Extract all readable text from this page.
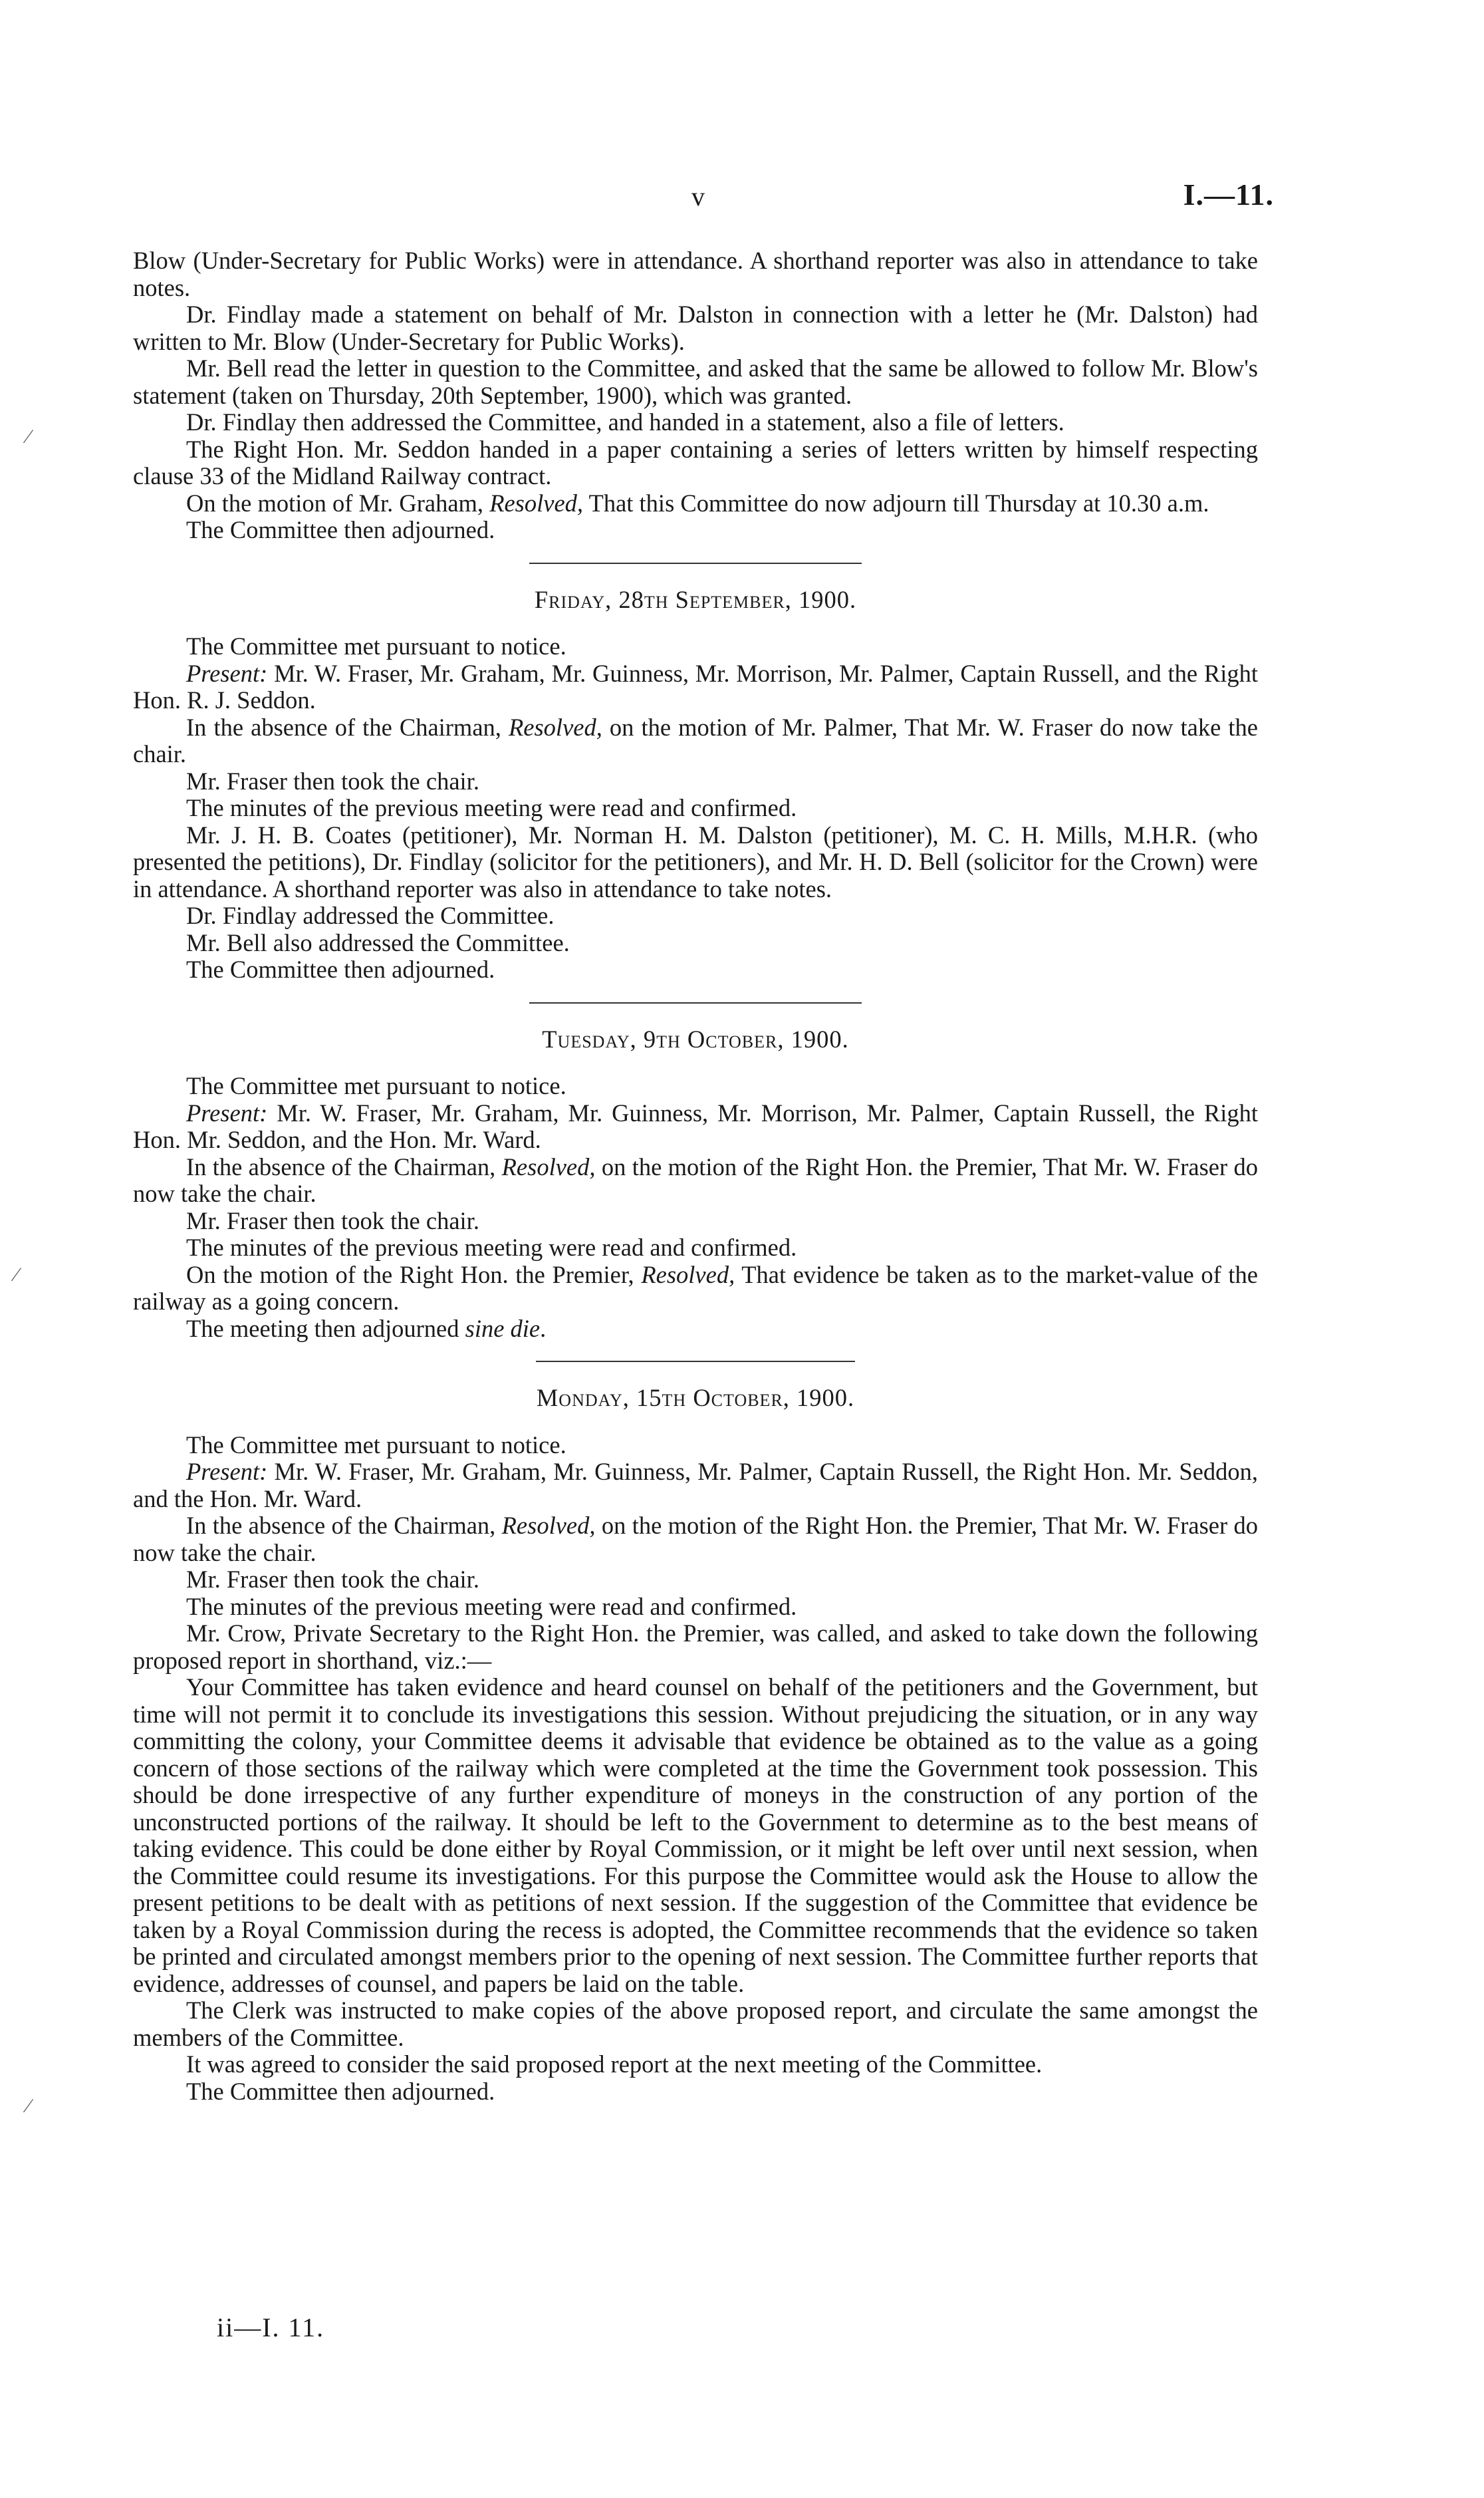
v	I.—11.

Blow (Under-Secretary for Public Works) were in attendance. A shorthand reporter was also in attendance to take notes.

Dr. Findlay made a statement on behalf of Mr. Dalston in connection with a letter he (Mr. Dalston) had written to Mr. Blow (Under-Secretary for Public Works).

Mr. Bell read the letter in question to the Committee, and asked that the same be allowed to follow Mr. Blow's statement (taken on Thursday, 20th September, 1900), which was granted.

Dr. Findlay then addressed the Committee, and handed in a statement, also a file of letters.

The Right Hon. Mr. Seddon handed in a paper containing a series of letters written by himself respecting clause 33 of the Midland Railway contract.

On the motion of Mr. Graham, Resolved, That this Committee do now adjourn till Thursday at 10.30 a.m.

The Committee then adjourned.

Friday, 28th September, 1900.

The Committee met pursuant to notice.

Present: Mr. W. Fraser, Mr. Graham, Mr. Guinness, Mr. Morrison, Mr. Palmer, Captain Russell, and the Right Hon. R. J. Seddon.

In the absence of the Chairman, Resolved, on the motion of Mr. Palmer, That Mr. W. Fraser do now take the chair.

Mr. Fraser then took the chair.

The minutes of the previous meeting were read and confirmed.

Mr. J. H. B. Coates (petitioner), Mr. Norman H. M. Dalston (petitioner), M. C. H. Mills, M.H.R. (who presented the petitions), Dr. Findlay (solicitor for the petitioners), and Mr. H. D. Bell (solicitor for the Crown) were in attendance. A shorthand reporter was also in attendance to take notes.

Dr. Findlay addressed the Committee.

Mr. Bell also addressed the Committee.

The Committee then adjourned.

Tuesday, 9th October, 1900.

The Committee met pursuant to notice.

Present: Mr. W. Fraser, Mr. Graham, Mr. Guinness, Mr. Morrison, Mr. Palmer, Captain Russell, the Right Hon. Mr. Seddon, and the Hon. Mr. Ward.

In the absence of the Chairman, Resolved, on the motion of the Right Hon. the Premier, That Mr. W. Fraser do now take the chair.

Mr. Fraser then took the chair.

The minutes of the previous meeting were read and confirmed.

On the motion of the Right Hon. the Premier, Resolved, That evidence be taken as to the market-value of the railway as a going concern.

The meeting then adjourned sine die.

Monday, 15th October, 1900.

The Committee met pursuant to notice.

Present: Mr. W. Fraser, Mr. Graham, Mr. Guinness, Mr. Palmer, Captain Russell, the Right Hon. Mr. Seddon, and the Hon. Mr. Ward.

In the absence of the Chairman, Resolved, on the motion of the Right Hon. the Premier, That Mr. W. Fraser do now take the chair.

Mr. Fraser then took the chair.

The minutes of the previous meeting were read and confirmed.

Mr. Crow, Private Secretary to the Right Hon. the Premier, was called, and asked to take down the following proposed report in shorthand, viz.:—

Your Committee has taken evidence and heard counsel on behalf of the petitioners and the Government, but time will not permit it to conclude its investigations this session. Without prejudicing the situation, or in any way committing the colony, your Committee deems it advisable that evidence be obtained as to the value as a going concern of those sections of the railway which were completed at the time the Government took possession. This should be done irrespective of any further expenditure of moneys in the construction of any portion of the unconstructed portions of the railway. It should be left to the Government to determine as to the best means of taking evidence. This could be done either by Royal Commission, or it might be left over until next session, when the Committee could resume its investigations. For this purpose the Committee would ask the House to allow the present petitions to be dealt with as petitions of next session. If the suggestion of the Committee that evidence be taken by a Royal Commission during the recess is adopted, the Committee recommends that the evidence so taken be printed and circulated amongst members prior to the opening of next session. The Committee further reports that evidence, addresses of counsel, and papers be laid on the table.

The Clerk was instructed to make copies of the above proposed report, and circulate the same amongst the members of the Committee.

It was agreed to consider the said proposed report at the next meeting of the Committee.

The Committee then adjourned.

ii—I. 11.
⁄
⁄
⁄
